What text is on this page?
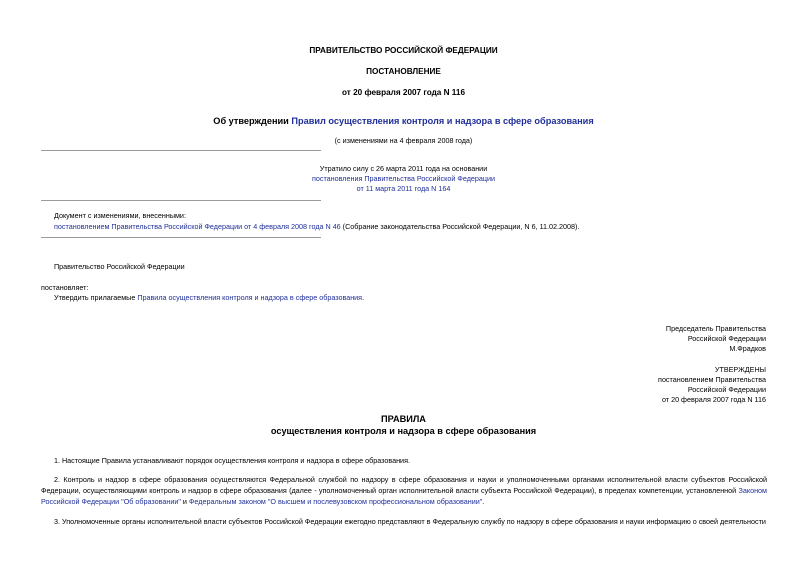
ПРАВИТЕЛЬСТВО РОССИЙСКОЙ ФЕДЕРАЦИИ
ПОСТАНОВЛЕНИЕ
от 20 февраля 2007 года N 116
Об утверждении Правил осуществления контроля и надзора в сфере образования
(с изменениями на 4 февраля 2008 года)
Утратило силу с 26 марта 2011 года на основании
постановления Правительства Российской Федерации
от 11 марта 2011 года N 164
Документ с изменениями, внесенными:
постановлением Правительства Российской Федерации от 4 февраля 2008 года N 46 (Собрание законодательства Российской Федерации, N 6, 11.02.2008).
Правительство Российской Федерации
постановляет:
Утвердить прилагаемые Правила осуществления контроля и надзора в сфере образования.
Председатель Правительства
Российской Федерации
М.Фрадков
УТВЕРЖДЕНЫ
постановлением Правительства
Российской Федерации
от 20 февраля 2007 года N 116
ПРАВИЛА
осуществления контроля и надзора в сфере образования
1. Настоящие Правила устанавливают порядок осуществления контроля и надзора в сфере образования.
2. Контроль и надзор в сфере образования осуществляются Федеральной службой по надзору в сфере образования и науки и уполномоченными органами исполнительной власти субъектов Российской Федерации, осуществляющими контроль и надзор в сфере образования (далее - уполномоченный орган исполнительной власти субъекта Российской Федерации), в пределах компетенции, установленной Законом Российской Федерации "Об образовании" и Федеральным законом "О высшем и послевузовском профессиональном образовании".
3. Уполномоченные органы исполнительной власти субъектов Российской Федерации ежегодно представляют в Федеральную службу по надзору в сфере образования и науки информацию о своей деятельности
